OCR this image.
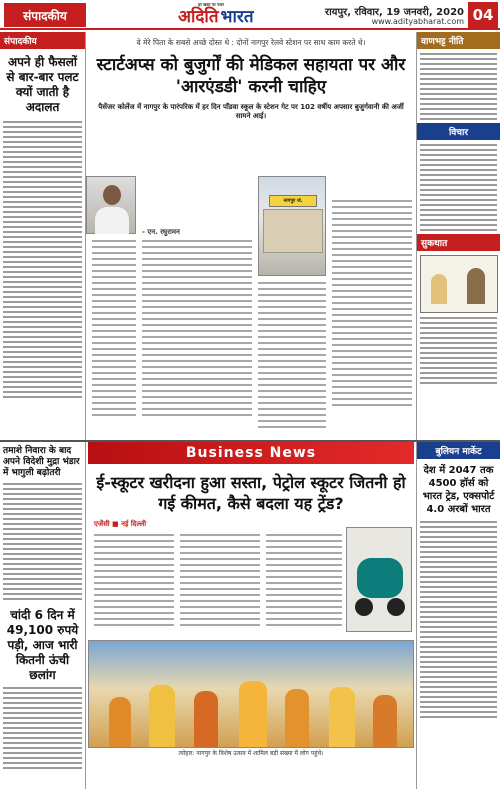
संपादकीय
हर खबर पर नजर
अदिति भारत	रायपुर, रविवार, 19 जनवरी, 2020
www.adityabharat.com 04
संपादकीय
अपने ही फैसलों से बार-बार पलट क्यों जाती है अदालत
वे मेरे पिता के सबसे अच्छे दोस्त थे : दोनों नागपुर रेलवे स्टेशन पर साथ काम करते थे।
स्टार्टअप्स को बुजुर्गों की मेडिकल सहायता पर और 'आरएंडडी' करनी चाहिए
पैसेंजर कोर्लेज में नागपुर के पारंपरिक में हर दिन पाँडवा स्कूल के स्टेशन गेट पर 102 वर्षीय अपसार बुजुर्गवानी की अर्जी सामने आई।
- एन. रघुरामन
नागपुर जं.
वाणभट्ट नीति
विचार
सुकथात
तमाशे निवारा के बाद अपने विदेशी मुद्रा भंडार में भागुली बढ़ोतरी
चांदी 6 दिन में 49,100 रुपये पड़ी, आज भारी कितनी ऊंची छलांग
Business News
ई-स्कूटर खरीदना हुआ सस्ता, पेट्रोल स्कूटर जितनी हो गई कीमत, कैसे बदला यह ट्रेंड?
एजेंसी ■ नई दिल्ली
त्योहार: नागपुर के विशेष उत्सव में शामिल बड़ी संख्या में लोग पहुंचे।
बुलियन मार्केट
देश में 2047 तक 4500 हॉर्स को भारत ट्रेड, एक्सपोर्ट 4.0 अरबों भारत
